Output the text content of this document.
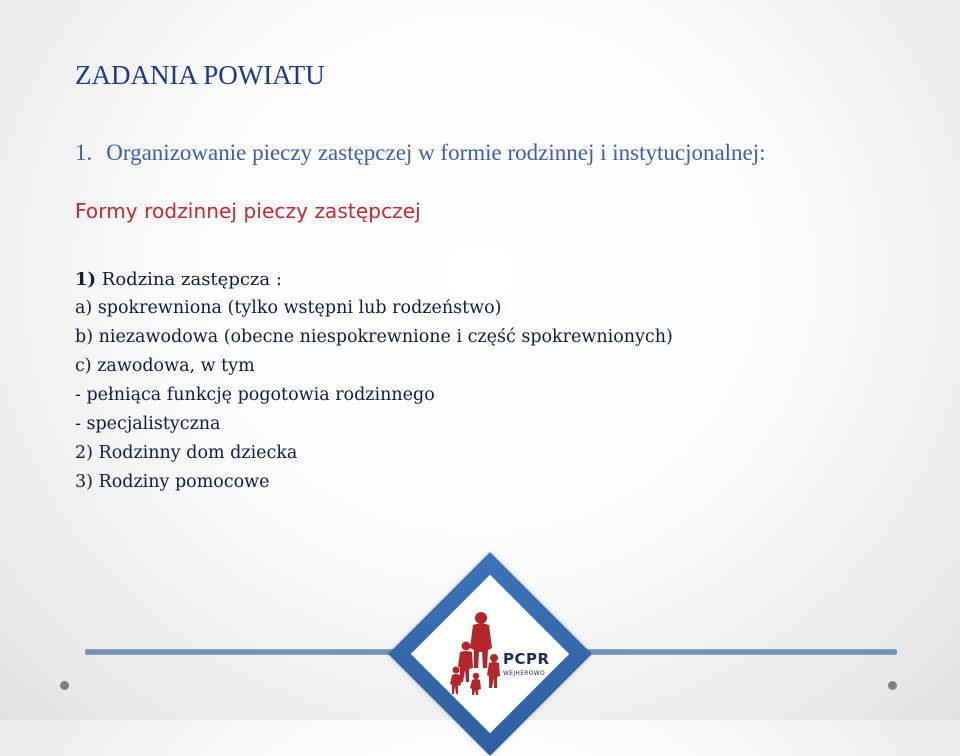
ZADANIA POWIATU
1. Organizowanie pieczy zastępczej w formie rodzinnej i instytucjonalnej:
Formy rodzinnej pieczy zastępczej
1) Rodzina zastępcza :
a) spokrewniona (tylko wstępni lub rodzeństwo)
b) niezawodowa (obecne niespokrewnione i część spokrewnionych)
c) zawodowa, w tym
- pełniąca funkcję pogotowia rodzinnego
- specjalistyczna
2) Rodzinny dom dziecka
3) Rodziny pomocowe
PCPR
WEJHEROWO
